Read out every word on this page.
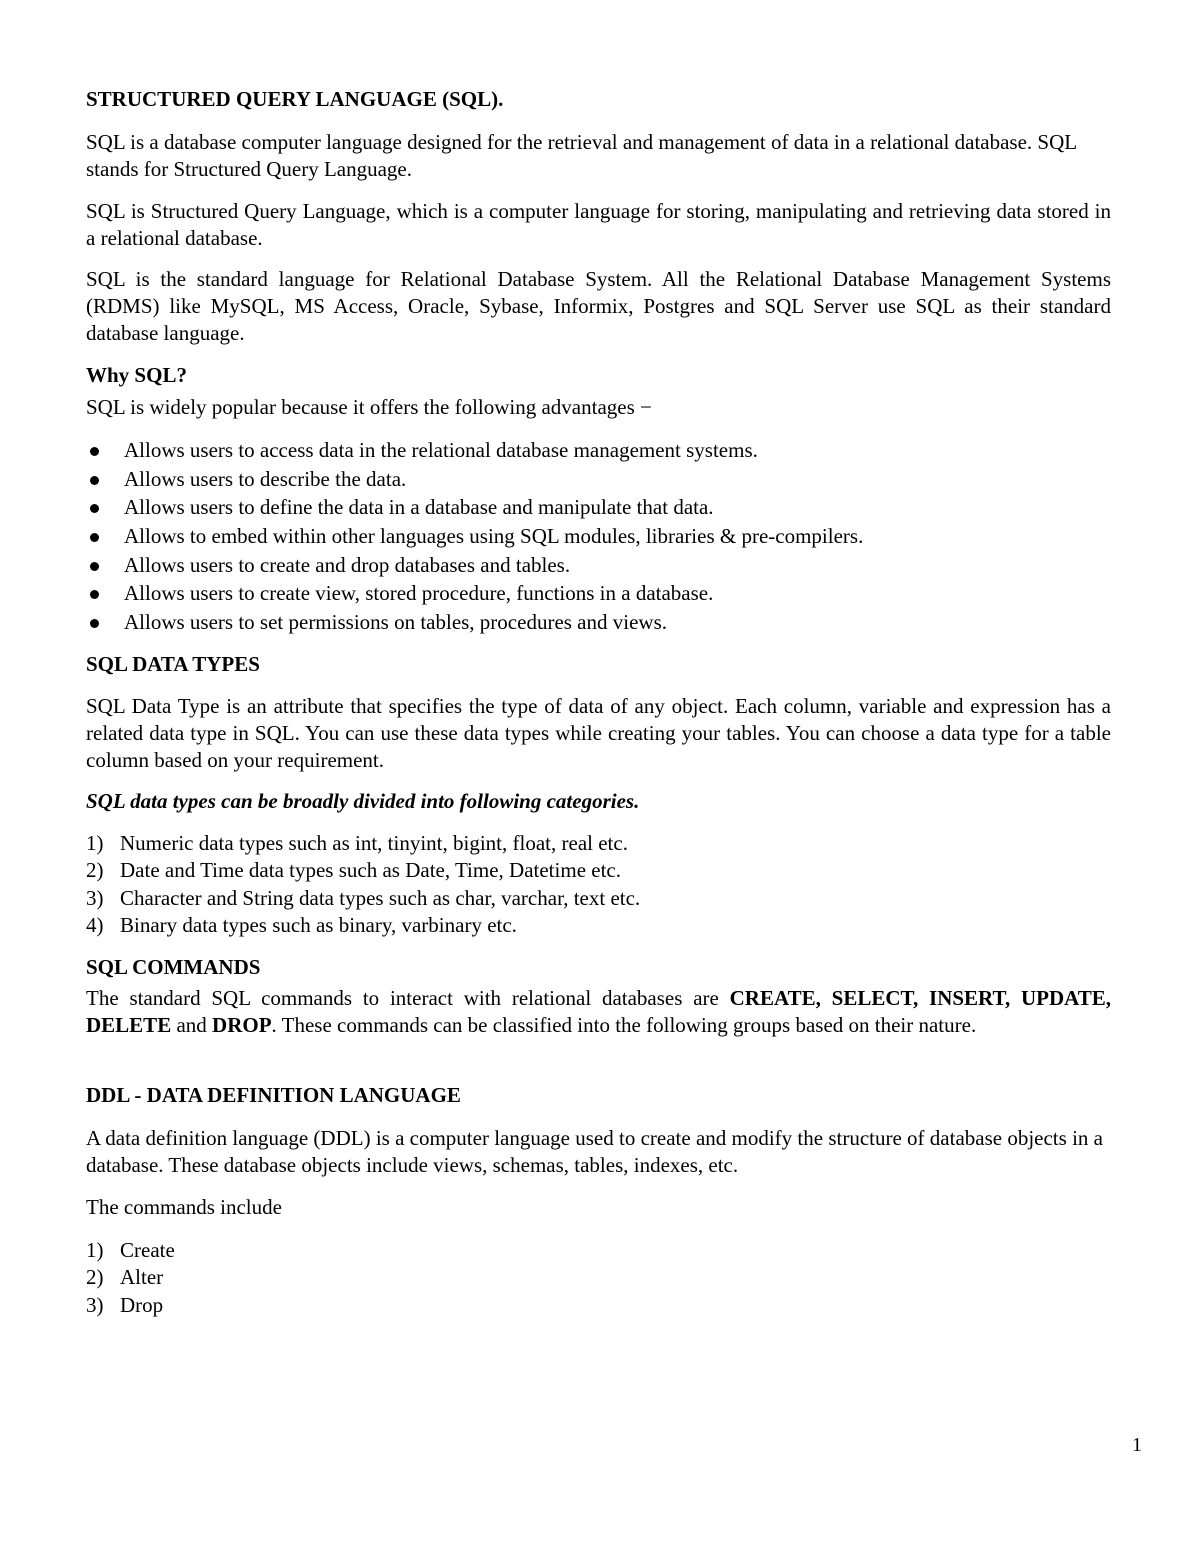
STRUCTURED QUERY LANGUAGE (SQL).

SQL is a database computer language designed for the retrieval and management of data in a relational database. SQL stands for Structured Query Language.

SQL is Structured Query Language, which is a computer language for storing, manipulating and retrieving data stored in a relational database.

SQL is the standard language for Relational Database System. All the Relational Database Management Systems (RDMS) like MySQL, MS Access, Oracle, Sybase, Informix, Postgres and SQL Server use SQL as their standard database language.

Why SQL?

SQL is widely popular because it offers the following advantages −

Allows users to access data in the relational database management systems.
Allows users to describe the data.
Allows users to define the data in a database and manipulate that data.
Allows to embed within other languages using SQL modules, libraries & pre-compilers.
Allows users to create and drop databases and tables.
Allows users to create view, stored procedure, functions in a database.
Allows users to set permissions on tables, procedures and views.

SQL DATA TYPES

SQL Data Type is an attribute that specifies the type of data of any object. Each column, variable and expression has a related data type in SQL. You can use these data types while creating your tables. You can choose a data type for a table column based on your requirement.

SQL data types can be broadly divided into following categories.

1) Numeric data types such as int, tinyint, bigint, float, real etc.
2) Date and Time data types such as Date, Time, Datetime etc.
3) Character and String data types such as char, varchar, text etc.
4) Binary data types such as binary, varbinary etc.

SQL COMMANDS

The standard SQL commands to interact with relational databases are CREATE, SELECT, INSERT, UPDATE, DELETE and DROP. These commands can be classified into the following groups based on their nature.

DDL - DATA DEFINITION LANGUAGE

A data definition language (DDL) is a computer language used to create and modify the structure of database objects in a database. These database objects include views, schemas, tables, indexes, etc.

The commands include

1) Create
2) Alter
3) Drop
1
